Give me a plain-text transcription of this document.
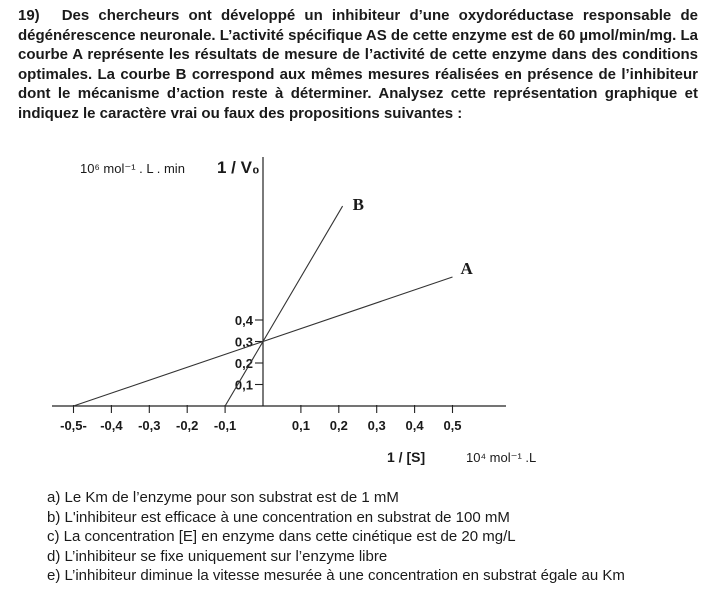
19) Des chercheurs ont développé un inhibiteur d’une oxydoréductase responsable de dégénérescence neuronale. L’activité spécifique AS de cette enzyme est de 60 µmol/min/mg. La courbe A représente les résultats de mesure de l’activité de cette enzyme dans des conditions optimales. La courbe B correspond aux mêmes mesures réalisées en présence de l’inhibiteur dont le mécanisme d’action reste à déterminer. Analysez cette représentation graphique et indiquez le caractère vrai ou faux des propositions suivantes :
-0,5- -0,4 -0,3 -0,2 -0,1	0,1 0,2 0,3 0,4 0,5
0,1
0,2
0,3
0,4
A
B
10⁶ mol⁻¹ . L . min 1 / V₀
1 / [S]	10⁴ mol⁻¹ .L
a) Le Km de l’enzyme pour son substrat est de 1 mM
b) L'inhibiteur est efficace à une concentration en substrat de 100 mM
c) La concentration [E] en enzyme dans cette cinétique est de 20 mg/L
d) L’inhibiteur se fixe uniquement sur l’enzyme libre
e) L’inhibiteur diminue la vitesse mesurée à une concentration en substrat égale au Km
